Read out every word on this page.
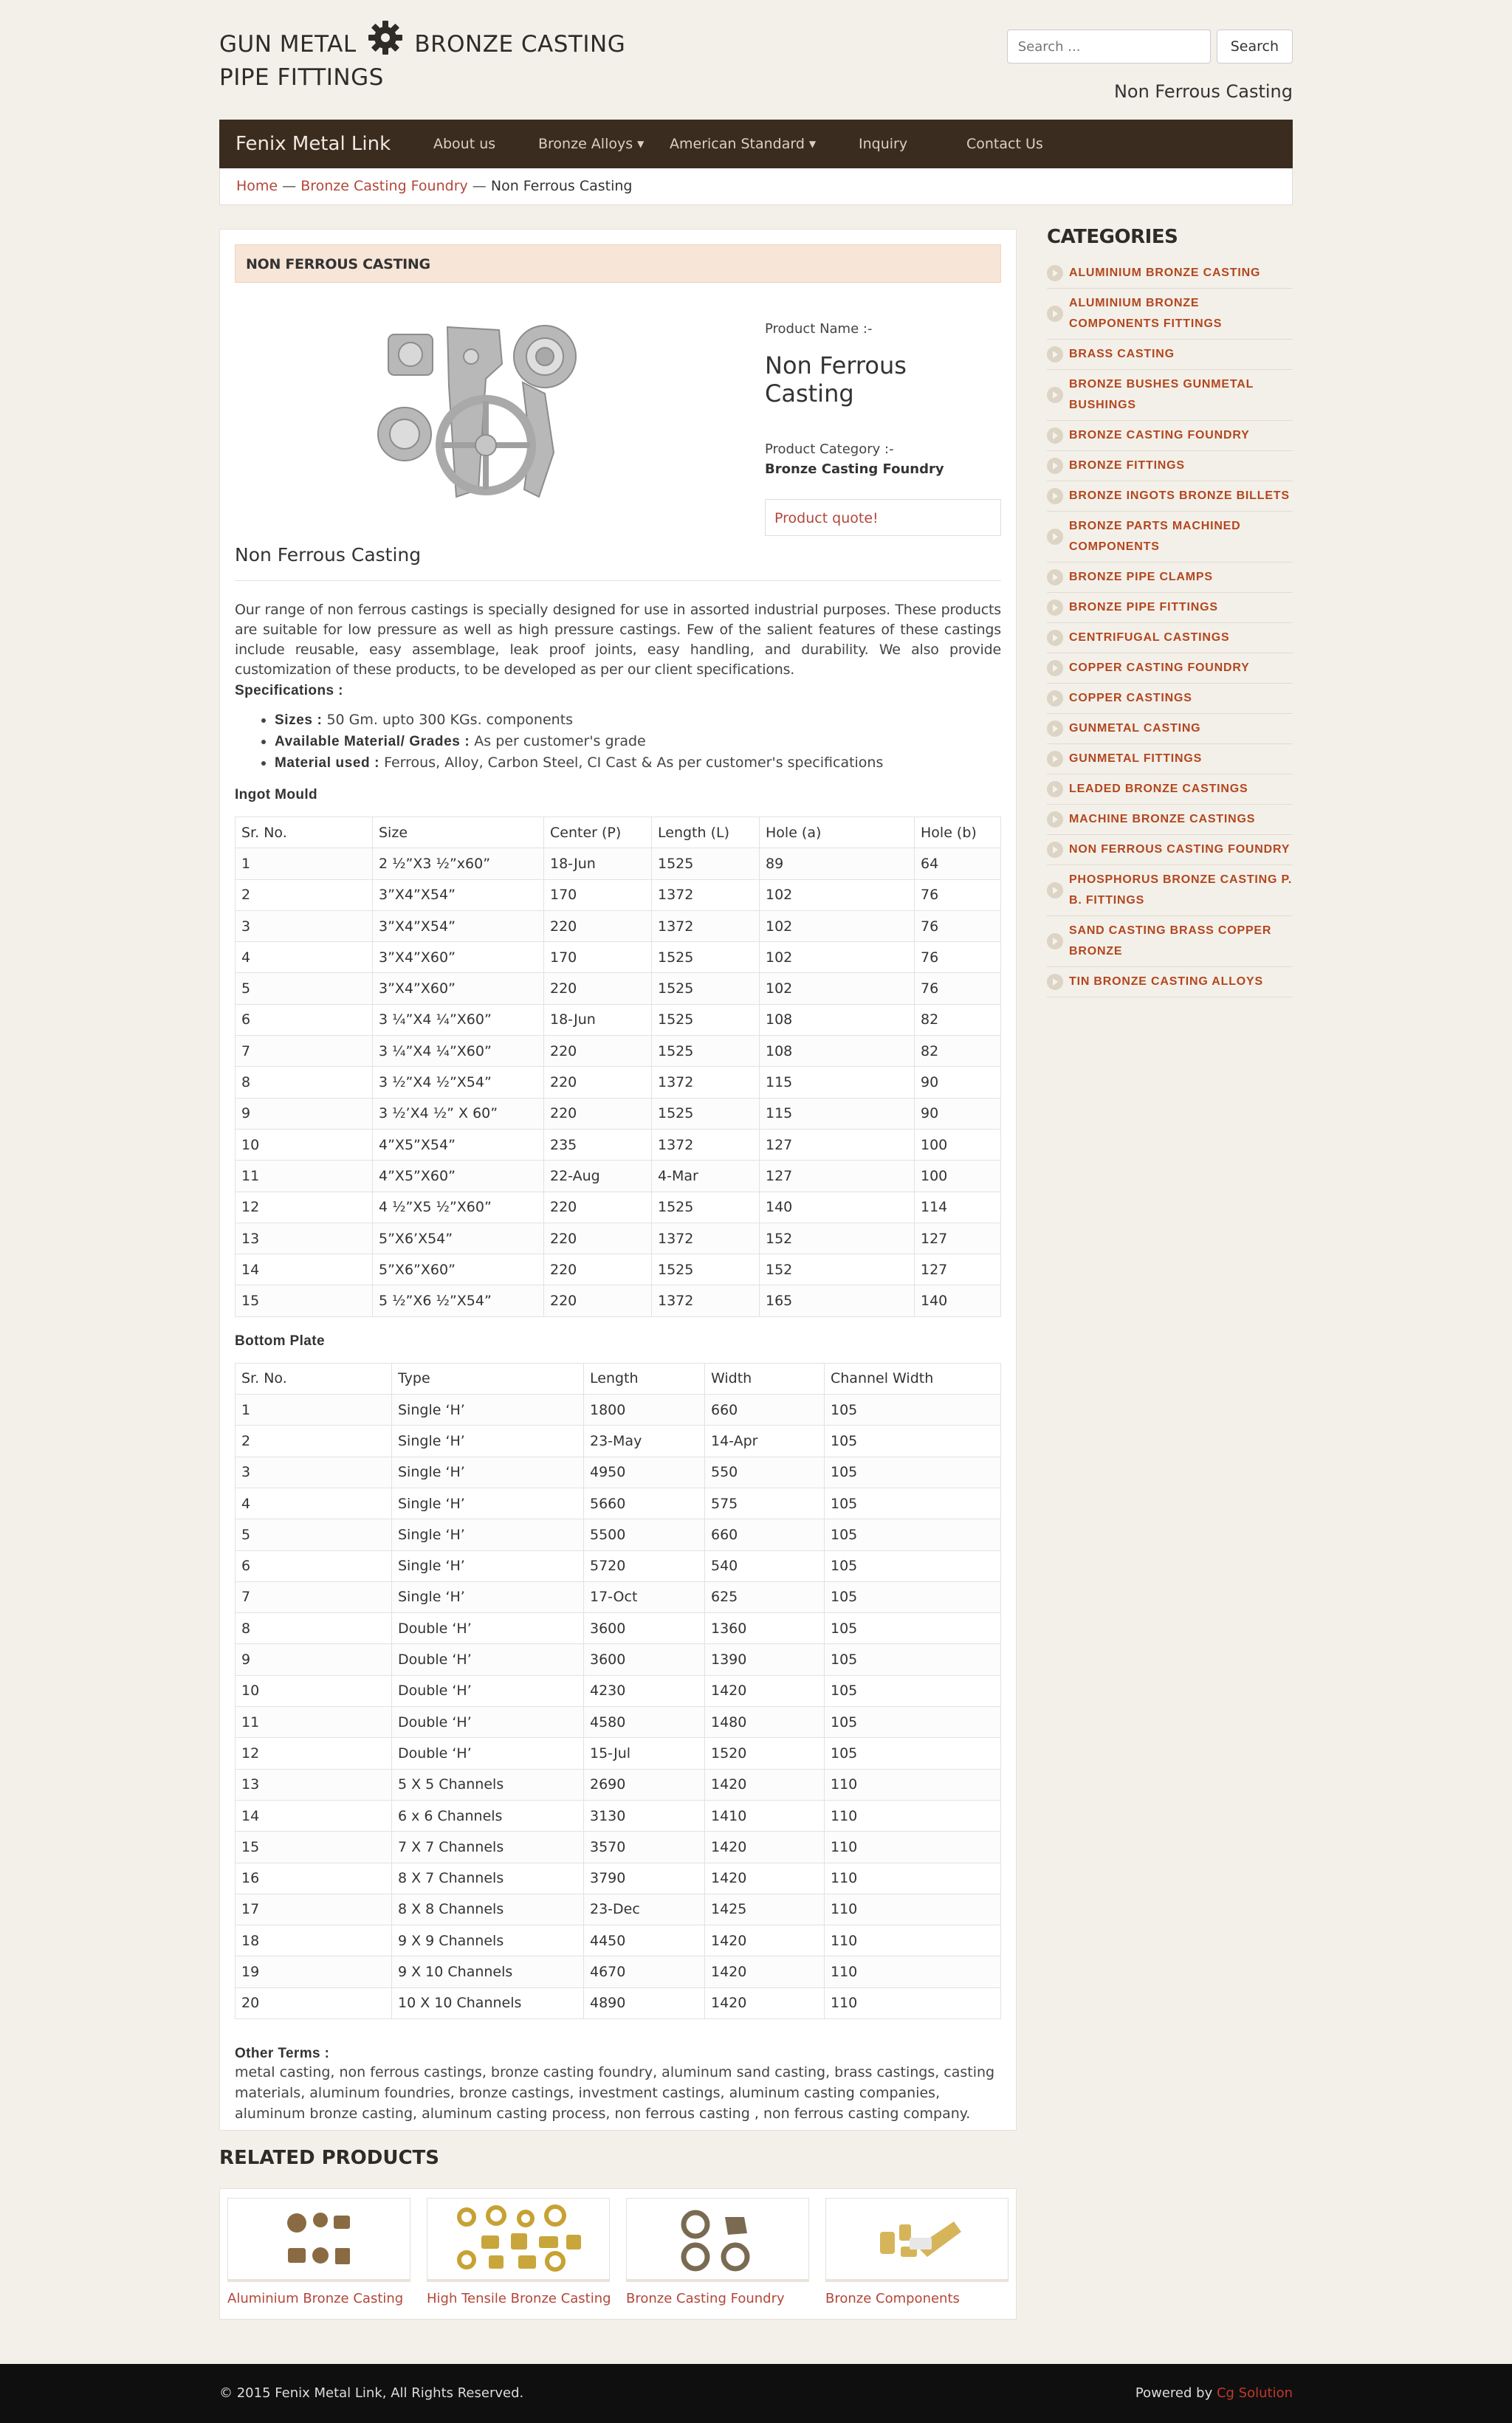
GUN METAL	BRONZE CASTING
PIPE FITTINGS
Search ...
Search
Non Ferrous Casting
Fenix Metal Link	About us	Bronze Alloys ▼	American Standard ▼	Inquiry	Contact Us
Home — Bronze Casting Foundry — Non Ferrous Casting
NON FERROUS CASTING
Product Name :-
Non Ferrous Casting
Product Category :-
Bronze Casting Foundry
Product quote!
Non Ferrous Casting
Our range of non ferrous castings is specially designed for use in assorted industrial purposes. These products are suitable for low pressure as well as high pressure castings. Few of the salient features of these castings include reusable, easy assemblage, leak proof joints, easy handling, and durability. We also provide customization of these products, to be developed as per our client specifications.
Specifications :
• Sizes : 50 Gm. upto 300 KGs. components
• Available Material/ Grades : As per customer's grade
• Material used : Ferrous, Alloy, Carbon Steel, CI Cast & As per customer's specifications
Ingot Mould
Sr. No.	Size	Center (P)	Length (L)	Hole (a)	Hole (b)
1	2 ½”X3 ½”x60”	18-Jun	1525	89	64
2	3”X4”X54”	170	1372	102	76
3	3”X4”X54”	220	1372	102	76
4	3”X4”X60”	170	1525	102	76
5	3”X4”X60”	220	1525	102	76
6	3 ¼”X4 ¼”X60”	18-Jun	1525	108	82
7	3 ¼”X4 ¼”X60”	220	1525	108	82
8	3 ½”X4 ½”X54”	220	1372	115	90
9	3 ½’X4 ½” X 60”	220	1525	115	90
10	4”X5”X54”	235	1372	127	100
11	4”X5”X60”	22-Aug	4-Mar	127	100
12	4 ½”X5 ½”X60”	220	1525	140	114
13	5”X6’X54”	220	1372	152	127
14	5”X6”X60”	220	1525	152	127
15	5 ½”X6 ½”X54”	220	1372	165	140
Bottom Plate
Sr. No.	Type	Length	Width	Channel Width
1	Single ‘H’	1800	660	105
2	Single ‘H’	23-May	14-Apr	105
3	Single ‘H’	4950	550	105
4	Single ‘H’	5660	575	105
5	Single ‘H’	5500	660	105
6	Single ‘H’	5720	540	105
7	Single ‘H’	17-Oct	625	105
8	Double ‘H’	3600	1360	105
9	Double ‘H’	3600	1390	105
10	Double ‘H’	4230	1420	105
11	Double ‘H’	4580	1480	105
12	Double ‘H’	15-Jul	1520	105
13	5 X 5 Channels	2690	1420	110
14	6 x 6 Channels	3130	1410	110
15	7 X 7 Channels	3570	1420	110
16	8 X 7 Channels	3790	1420	110
17	8 X 8 Channels	23-Dec	1425	110
18	9 X 9 Channels	4450	1420	110
19	9 X 10 Channels	4670	1420	110
20	10 X 10 Channels	4890	1420	110
Other Terms :
metal casting, non ferrous castings, bronze casting foundry, aluminum sand casting, brass castings, casting materials, aluminum foundries, bronze castings, investment castings, aluminum casting companies, aluminum bronze casting, aluminum casting process, non ferrous casting , non ferrous casting company.
RELATED PRODUCTS
Aluminium Bronze Casting	High Tensile Bronze Casting Bronze Casting Foundry	Bronze Components
CATEGORIES
ALUMINIUM BRONZE CASTING
ALUMINIUM BRONZE COMPONENTS FITTINGS
BRASS CASTING
BRONZE BUSHES GUNMETAL BUSHINGS
BRONZE CASTING FOUNDRY
BRONZE FITTINGS
BRONZE INGOTS BRONZE BILLETS
BRONZE PARTS MACHINED COMPONENTS
BRONZE PIPE CLAMPS
BRONZE PIPE FITTINGS
CENTRIFUGAL CASTINGS
COPPER CASTING FOUNDRY
COPPER CASTINGS
GUNMETAL CASTING
GUNMETAL FITTINGS
LEADED BRONZE CASTINGS
MACHINE BRONZE CASTINGS
NON FERROUS CASTING FOUNDRY
PHOSPHORUS BRONZE CASTING P. B. FITTINGS
SAND CASTING BRASS COPPER BRONZE
TIN BRONZE CASTING ALLOYS
© 2015 Fenix Metal Link, All Rights Reserved.	Powered by Cg Solution
